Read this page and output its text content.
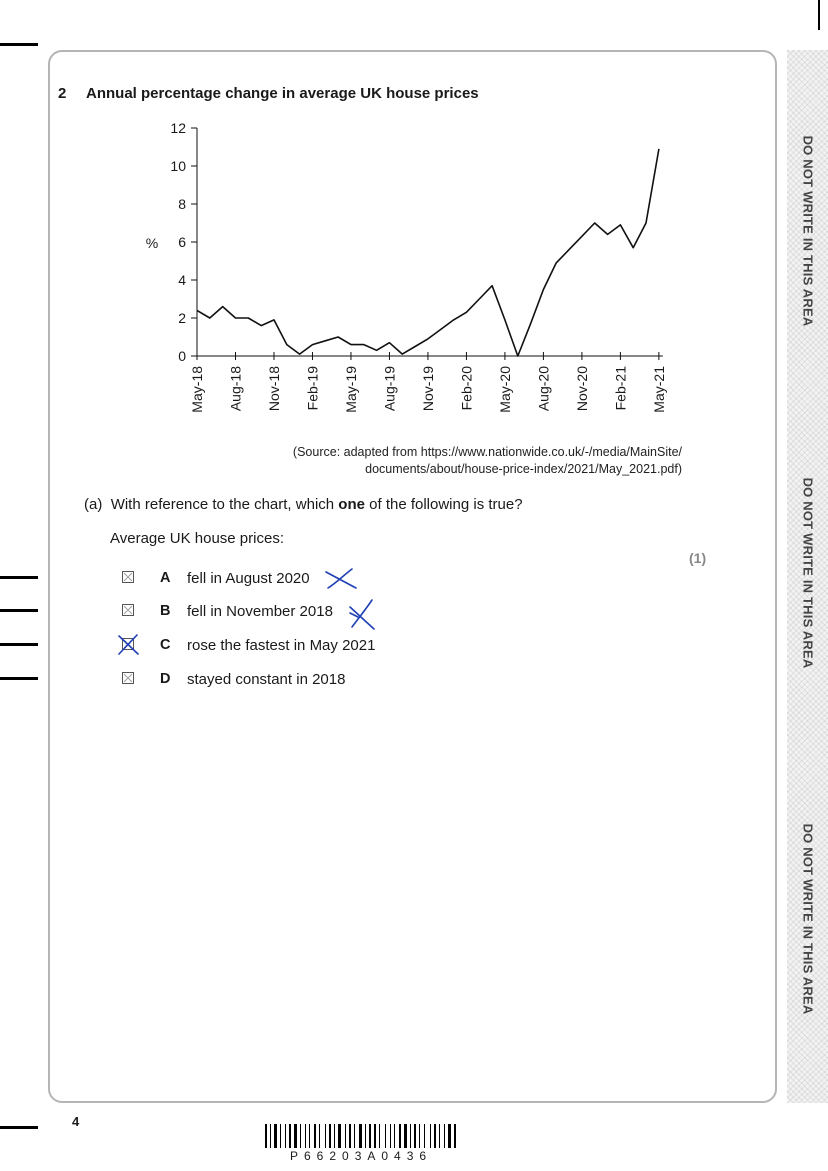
DO NOT WRITE IN THIS AREA
DO NOT WRITE IN THIS AREA
DO NOT WRITE IN THIS AREA
2 Annual percentage change in average UK house prices
0
2
4
6
8
10
12
May-18 Aug-18 Nov-18 Feb-19 May-19 Aug-19 Nov-19 Feb-20 May-20 Aug-20 Nov-20 Feb-21 May-21
%
(Source: adapted from https://www.nationwide.co.uk/-/media/MainSite/
documents/about/house-price-index/2021/May_2021.pdf)
(a) With reference to the chart, which one of the following is true?
Average UK house prices:
(1)
A fell in August 2020
B fell in November 2018
C rose the fastest in May 2021
D stayed constant in 2018
4
P66203A0436
